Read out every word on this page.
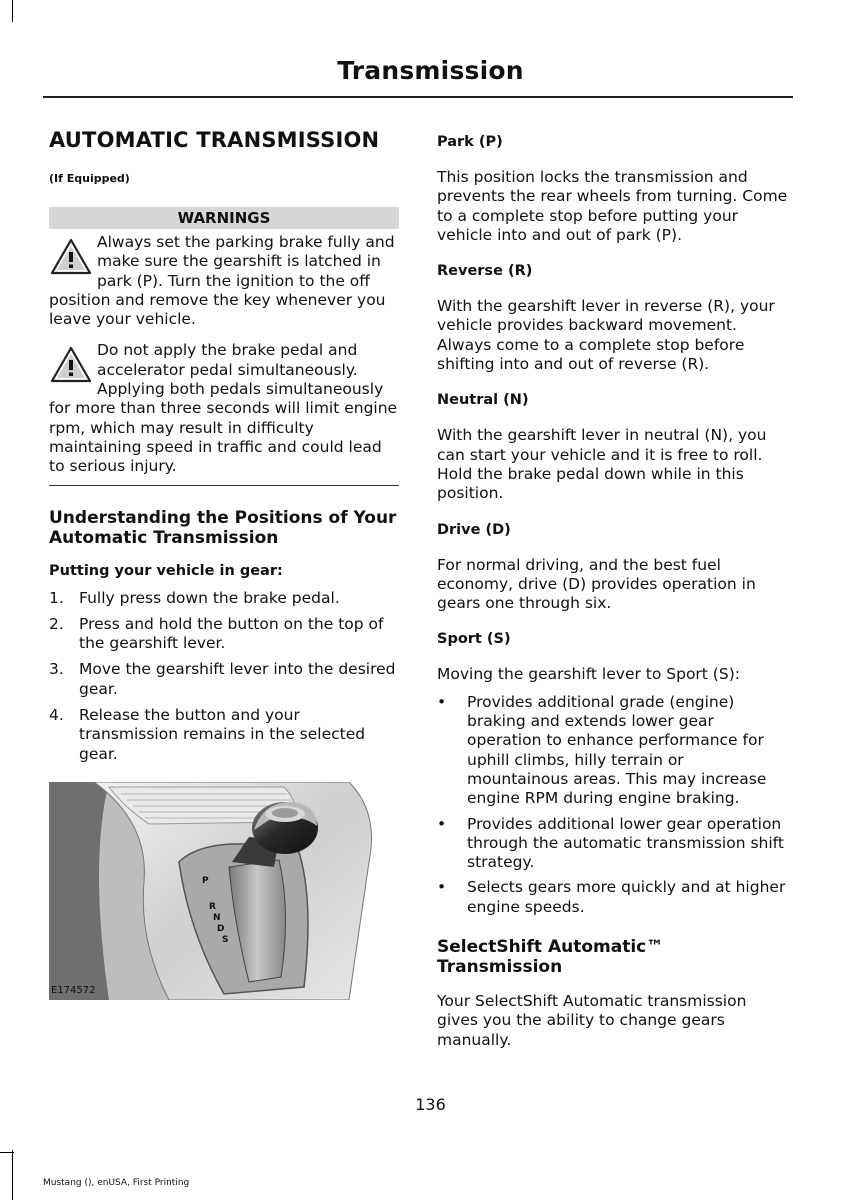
Transmission
AUTOMATIC TRANSMISSION
(If Equipped)
WARNINGS
Always set the parking brake fully and make sure the gearshift is latched in park (P). Turn the ignition to the off position and remove the key whenever you leave your vehicle.
Do not apply the brake pedal and accelerator pedal simultaneously. Applying both pedals simultaneously for more than three seconds will limit engine rpm, which may result in difficulty maintaining speed in traffic and could lead to serious injury.
Understanding the Positions of Your Automatic Transmission
Putting your vehicle in gear:
1. Fully press down the brake pedal.
2. Press and hold the button on the top of the gearshift lever.
3. Move the gearshift lever into the desired gear.
4. Release the button and your transmission remains in the selected gear.
P
R
N
D
S
E174572
Park (P)

This position locks the transmission and prevents the rear wheels from turning. Come to a complete stop before putting your vehicle into and out of park (P).

Reverse (R)

With the gearshift lever in reverse (R), your vehicle provides backward movement. Always come to a complete stop before shifting into and out of reverse (R).

Neutral (N)

With the gearshift lever in neutral (N), you can start your vehicle and it is free to roll. Hold the brake pedal down while in this position.

Drive (D)

For normal driving, and the best fuel economy, drive (D) provides operation in gears one through six.

Sport (S)

Moving the gearshift lever to Sport (S):

• Provides additional grade (engine) braking and extends lower gear operation to enhance performance for uphill climbs, hilly terrain or mountainous areas. This may increase engine RPM during engine braking.
• Provides additional lower gear operation through the automatic transmission shift strategy.
• Selects gears more quickly and at higher engine speeds.
SelectShift Automatic™ Transmission

Your SelectShift Automatic transmission gives you the ability to change gears manually.

136
Mustang (), enUSA, First Printing
